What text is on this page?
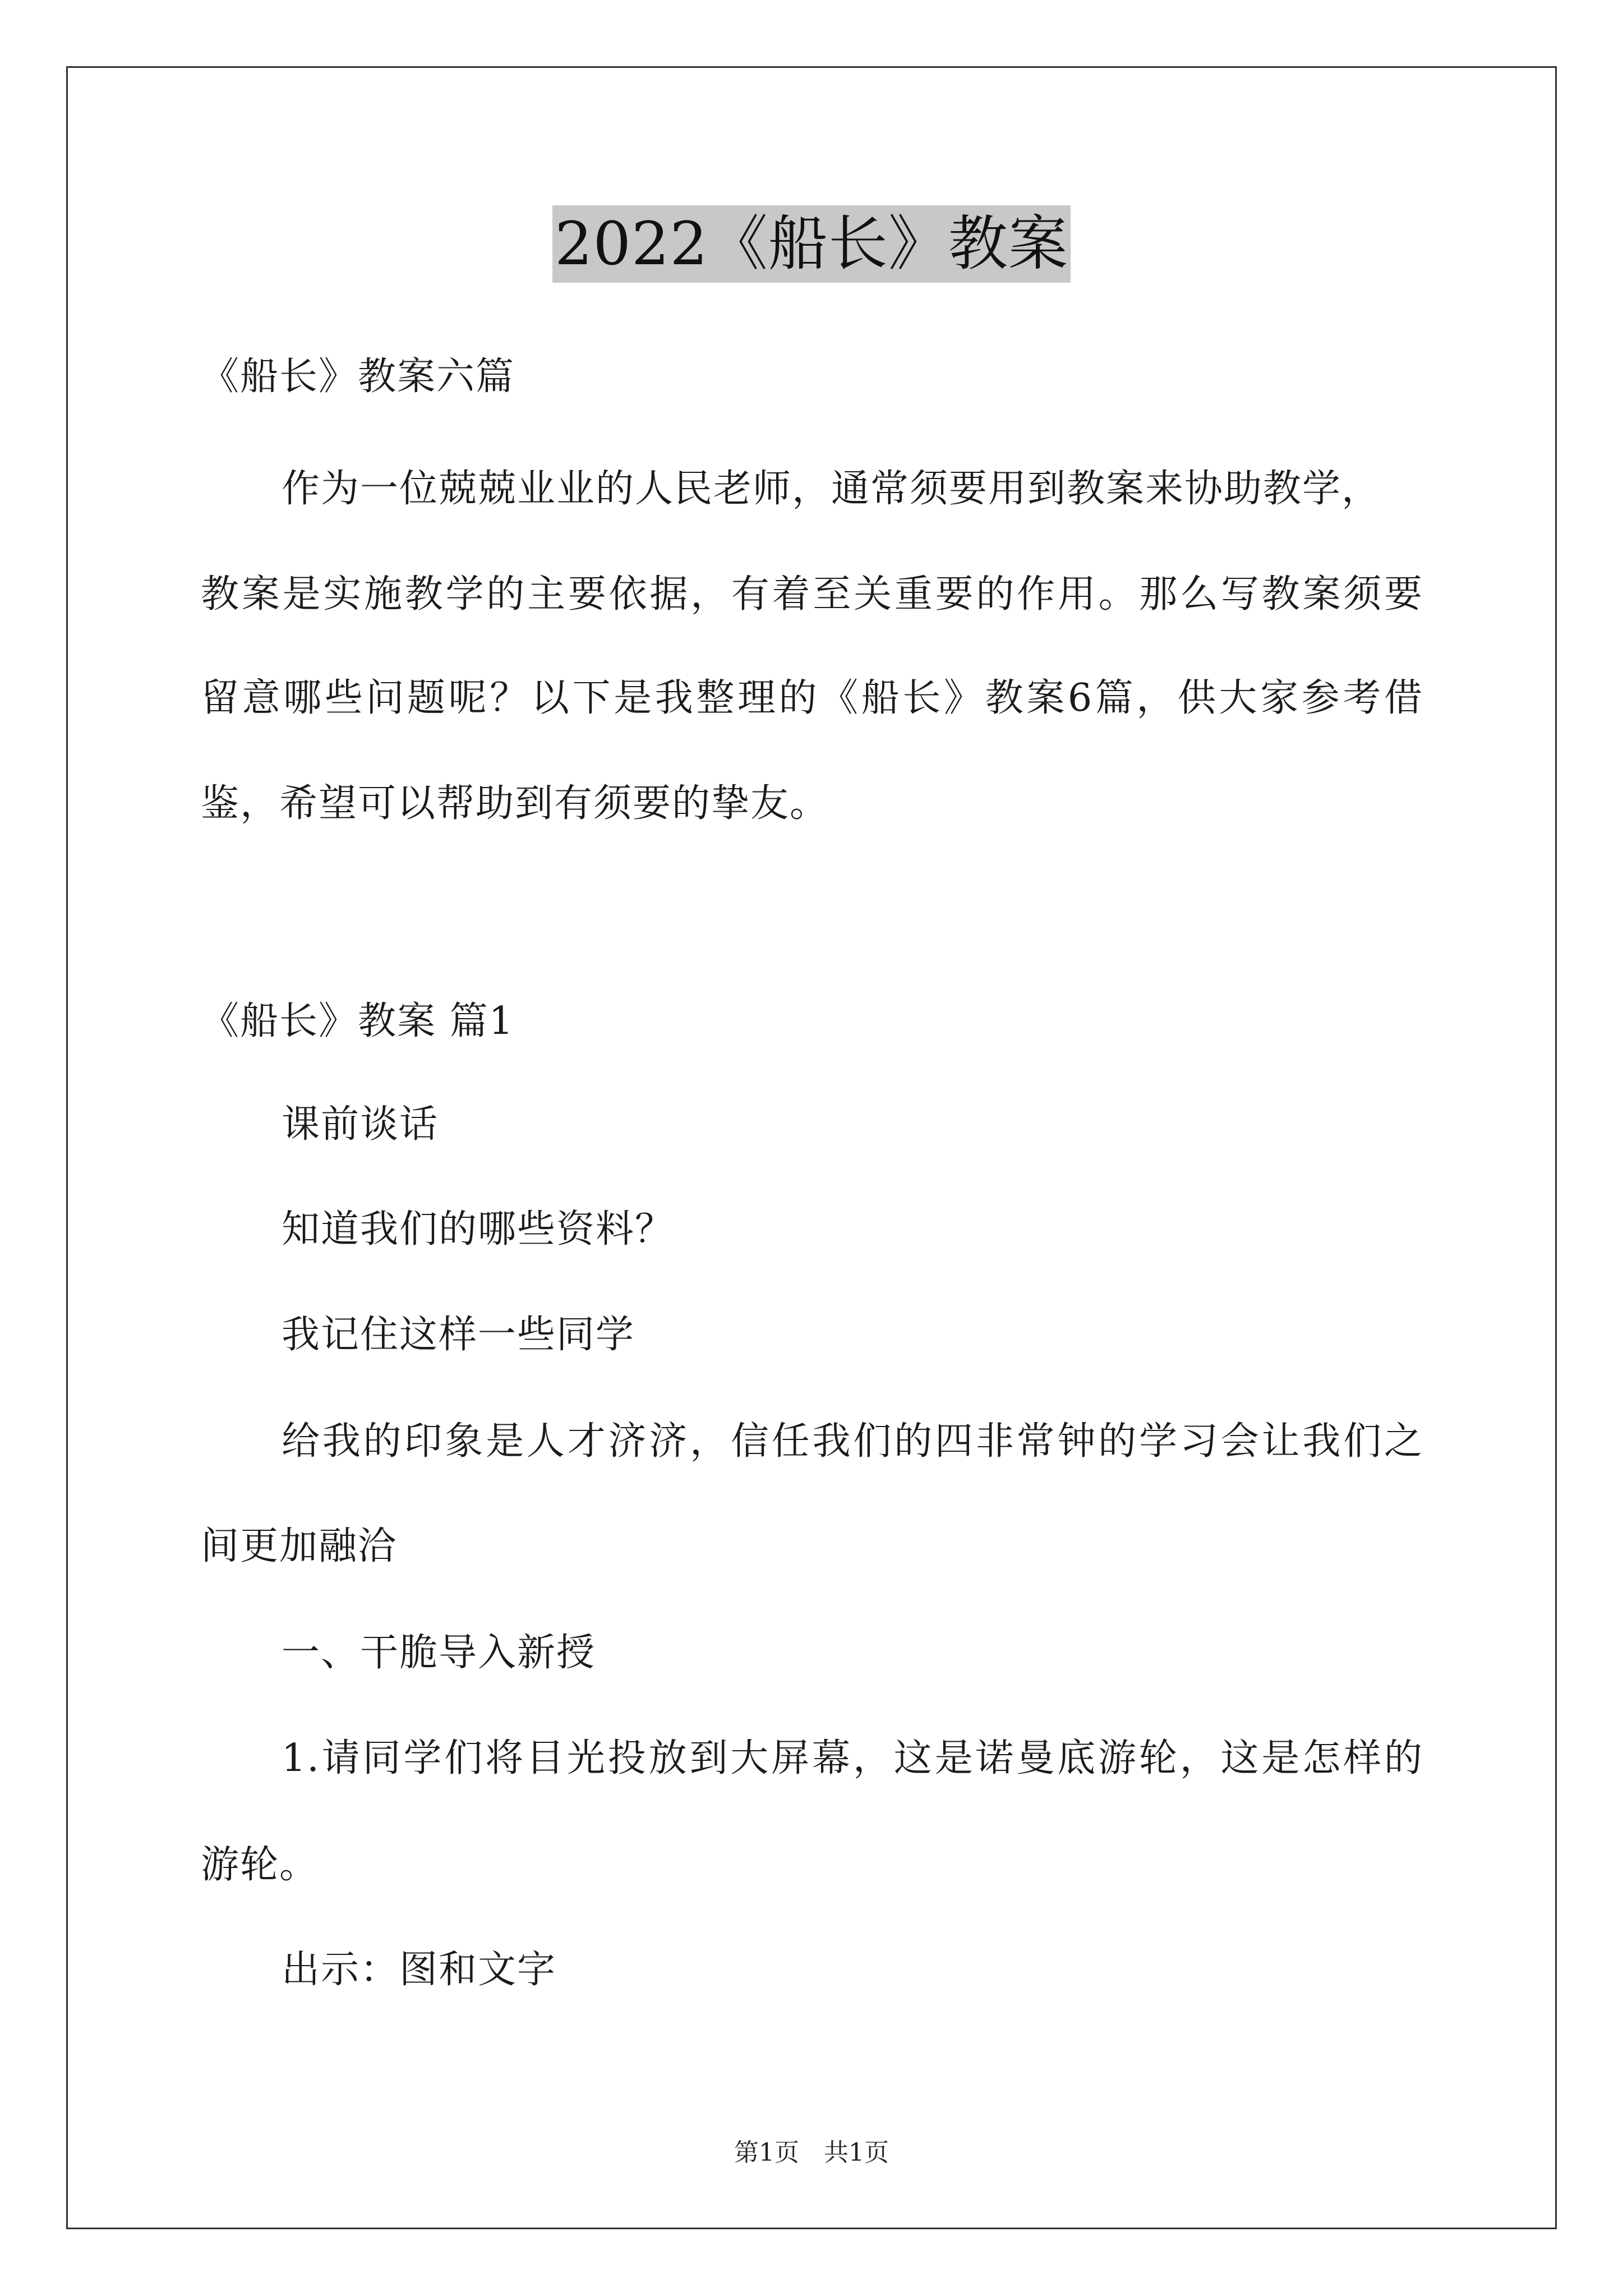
2022《船长》教案
《船长》教案六篇
作为一位兢兢业业的人民老师，通常须要用到教案来协助教学，
教案是实施教学的主要依据，有着至关重要的作用。那么写教案须要
留意哪些问题呢？以下是我整理的《船长》教案6篇，供大家参考借
鉴，希望可以帮助到有须要的挚友。
《船长》教案 篇1
课前谈话
知道我们的哪些资料？
我记住这样一些同学
给我的印象是人才济济，信任我们的四非常钟的学习会让我们之
间更加融洽
一、干脆导入新授
1.请同学们将目光投放到大屏幕，这是诺曼底游轮，这是怎样的
游轮。
出示：图和文字
第1页　共1页
